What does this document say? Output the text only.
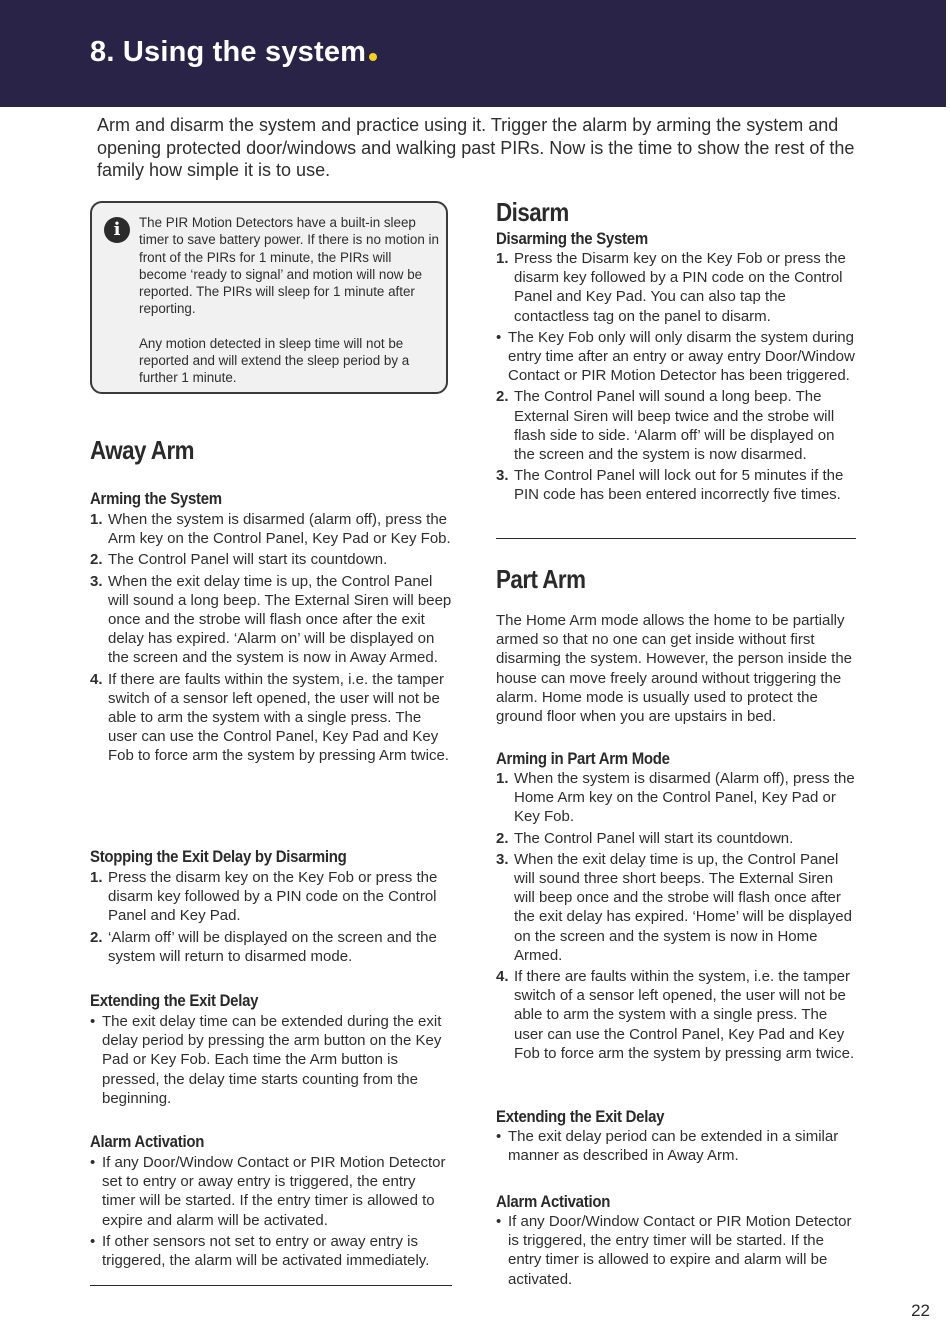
8. Using the system

Arm and disarm the system and practice using it. Trigger the alarm by arming the system and opening protected door/windows and walking past PIRs. Now is the time to show the rest of the family how simple it is to use.

i	The PIR Motion Detectors have a built-in sleep timer to save battery power. If there is no motion in front of the PIRs for 1 minute, the PIRs will become ‘ready to signal’ and motion will now be reported. The PIRs will sleep for 1 minute after reporting.

Any motion detected in sleep time will not be reported and will extend the sleep period by a further 1 minute.

Away Arm
Arming the System
1. When the system is disarmed (alarm off), press the Arm key on the Control Panel, Key Pad or Key Fob.
2. The Control Panel will start its countdown.
3. When the exit delay time is up, the Control Panel will sound a long beep. The External Siren will beep once and the strobe will flash once after the exit delay has expired. ‘Alarm on’ will be displayed on the screen and the system is now in Away Armed.
4. If there are faults within the system, i.e. the tamper switch of a sensor left opened, the user will not be able to arm the system with a single press. The user can use the Control Panel, Key Pad and Key Fob to force arm the system by pressing Arm twice.
Stopping the Exit Delay by Disarming
1. Press the disarm key on the Key Fob or press the disarm key followed by a PIN code on the Control Panel and Key Pad.
2. ‘Alarm off’ will be displayed on the screen and the system will return to disarmed mode.
Extending the Exit Delay
• The exit delay time can be extended during the exit delay period by pressing the arm button on the Key Pad or Key Fob. Each time the Arm button is pressed, the delay time starts counting from the beginning.
Alarm Activation
• If any Door/Window Contact or PIR Motion Detector set to entry or away entry is triggered, the entry timer will be started. If the entry timer is allowed to expire and alarm will be activated.
• If other sensors not set to entry or away entry is triggered, the alarm will be activated immediately.
Disarm
Disarming the System
1. Press the Disarm key on the Key Fob or press the disarm key followed by a PIN code on the Control Panel and Key Pad. You can also tap the contactless tag on the panel to disarm.
• The Key Fob only will only disarm the system during entry time after an entry or away entry Door/Window Contact or PIR Motion Detector has been triggered.
2. The Control Panel will sound a long beep. The External Siren will beep twice and the strobe will flash side to side. ‘Alarm off’ will be displayed on the screen and the system is now disarmed.
3. The Control Panel will lock out for 5 minutes if the PIN code has been entered incorrectly five times.
Part Arm

The Home Arm mode allows the home to be partially armed so that no one can get inside without first disarming the system. However, the person inside the house can move freely around without triggering the alarm. Home mode is usually used to protect the ground floor when you are upstairs in bed.

Arming in Part Arm Mode
1. When the system is disarmed (Alarm off), press the Home Arm key on the Control Panel, Key Pad or Key Fob.
2. The Control Panel will start its countdown.
3. When the exit delay time is up, the Control Panel will sound three short beeps. The External Siren will beep once and the strobe will flash once after the exit delay has expired. ‘Home’ will be displayed on the screen and the system is now in Home Armed.
4. If there are faults within the system, i.e. the tamper switch of a sensor left opened, the user will not be able to arm the system with a single press. The user can use the Control Panel, Key Pad and Key Fob to force arm the system by pressing arm twice.
Extending the Exit Delay
• The exit delay period can be extended in a similar manner as described in Away Arm.
Alarm Activation
• If any Door/Window Contact or PIR Motion Detector is triggered, the entry timer will be started. If the entry timer is allowed to expire and alarm will be activated.
22
